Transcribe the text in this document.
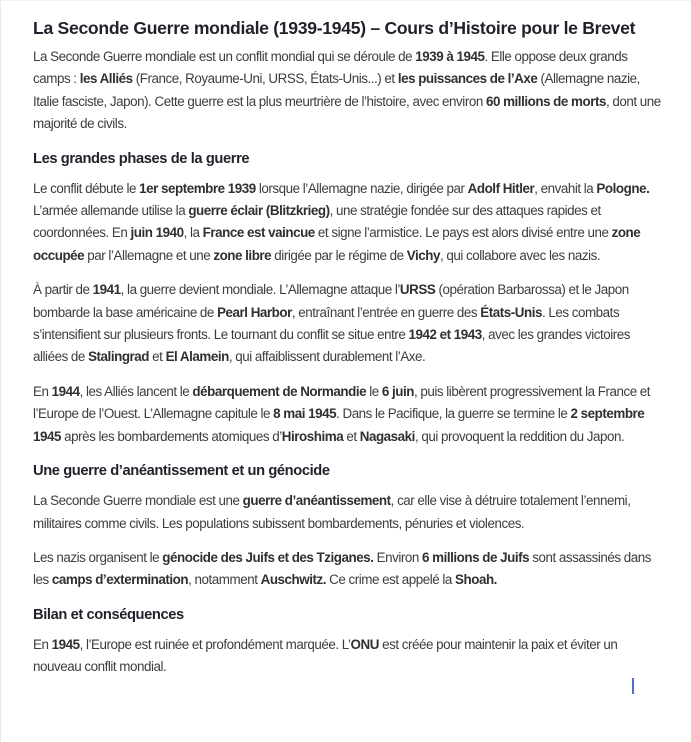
La Seconde Guerre mondiale (1939-1945) – Cours d’Histoire pour le Brevet

La Seconde Guerre mondiale est un conflit mondial qui se déroule de 1939 à 1945. Elle oppose deux grands camps : les Alliés (France, Royaume-Uni, URSS, États-Unis...) et les puissances de l’Axe (Allemagne nazie, Italie fasciste, Japon). Cette guerre est la plus meurtrière de l’histoire, avec environ 60 millions de morts, dont une majorité de civils.

Les grandes phases de la guerre

Le conflit débute le 1er septembre 1939 lorsque l’Allemagne nazie, dirigée par Adolf Hitler, envahit la Pologne. L’armée allemande utilise la guerre éclair (Blitzkrieg), une stratégie fondée sur des attaques rapides et coordonnées. En juin 1940, la France est vaincue et signe l’armistice. Le pays est alors divisé entre une zone occupée par l’Allemagne et une zone libre dirigée par le régime de Vichy, qui collabore avec les nazis.

À partir de 1941, la guerre devient mondiale. L’Allemagne attaque l’URSS (opération Barbarossa) et le Japon bombarde la base américaine de Pearl Harbor, entraînant l’entrée en guerre des États-Unis. Les combats s’intensifient sur plusieurs fronts. Le tournant du conflit se situe entre 1942 et 1943, avec les grandes victoires alliées de Stalingrad et El Alamein, qui affaiblissent durablement l’Axe.

En 1944, les Alliés lancent le débarquement de Normandie le 6 juin, puis libèrent progressivement la France et l’Europe de l’Ouest. L’Allemagne capitule le 8 mai 1945. Dans le Pacifique, la guerre se termine le 2 septembre 1945 après les bombardements atomiques d’Hiroshima et Nagasaki, qui provoquent la reddition du Japon.

Une guerre d’anéantissement et un génocide

La Seconde Guerre mondiale est une guerre d’anéantissement, car elle vise à détruire totalement l’ennemi, militaires comme civils. Les populations subissent bombardements, pénuries et violences.

Les nazis organisent le génocide des Juifs et des Tziganes. Environ 6 millions de Juifs sont assassinés dans les camps d’extermination, notamment Auschwitz. Ce crime est appelé la Shoah.

Bilan et conséquences

En 1945, l’Europe est ruinée et profondément marquée. L’ONU est créée pour maintenir la paix et éviter un nouveau conflit mondial.
